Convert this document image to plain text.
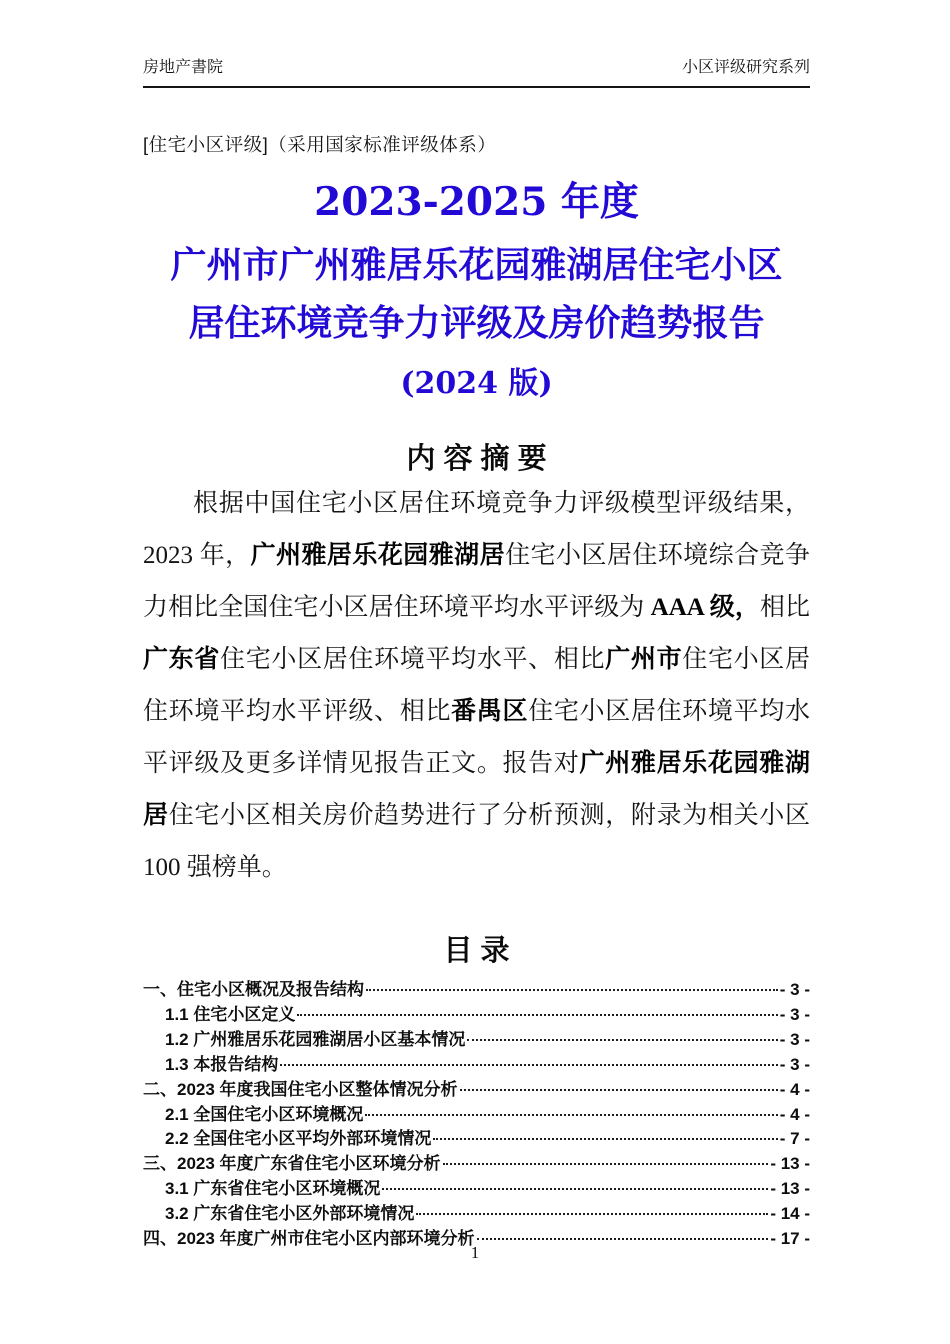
房地产書院	小区评级研究系列
[住宅小区评级]（采用国家标准评级体系）
2023-2025 年度
广州市广州雅居乐花园雅湖居住宅小区
居住环境竞争力评级及房价趋势报告
(2024 版)
内 容 摘 要
根据中国住宅小区居住环境竞争力评级模型评级结果，2023 年，广州雅居乐花园雅湖居住宅小区居住环境综合竞争力相比全国住宅小区居住环境平均水平评级为 AAA 级，相比广东省住宅小区居住环境平均水平、相比广州市住宅小区居住环境平均水平评级、相比番禺区住宅小区居住环境平均水平评级及更多详情见报告正文。报告对广州雅居乐花园雅湖居住宅小区相关房价趋势进行了分析预测，附录为相关小区 100 强榜单。
目 录
一、住宅小区概况及报告结构	- 3 -
1.1 住宅小区定义	- 3 -
1.2 广州雅居乐花园雅湖居小区基本情况	- 3 -
1.3 本报告结构	- 3 -
二、2023 年度我国住宅小区整体情况分析	- 4 -
2.1 全国住宅小区环境概况	- 4 -
2.2 全国住宅小区平均外部环境情况	- 7 -
三、2023 年度广东省住宅小区环境分析	- 13 -
3.1 广东省住宅小区环境概况	- 13 -
3.2 广东省住宅小区外部环境情况	- 14 -
四、2023 年度广州市住宅小区内部环境分析	- 17 -
1
